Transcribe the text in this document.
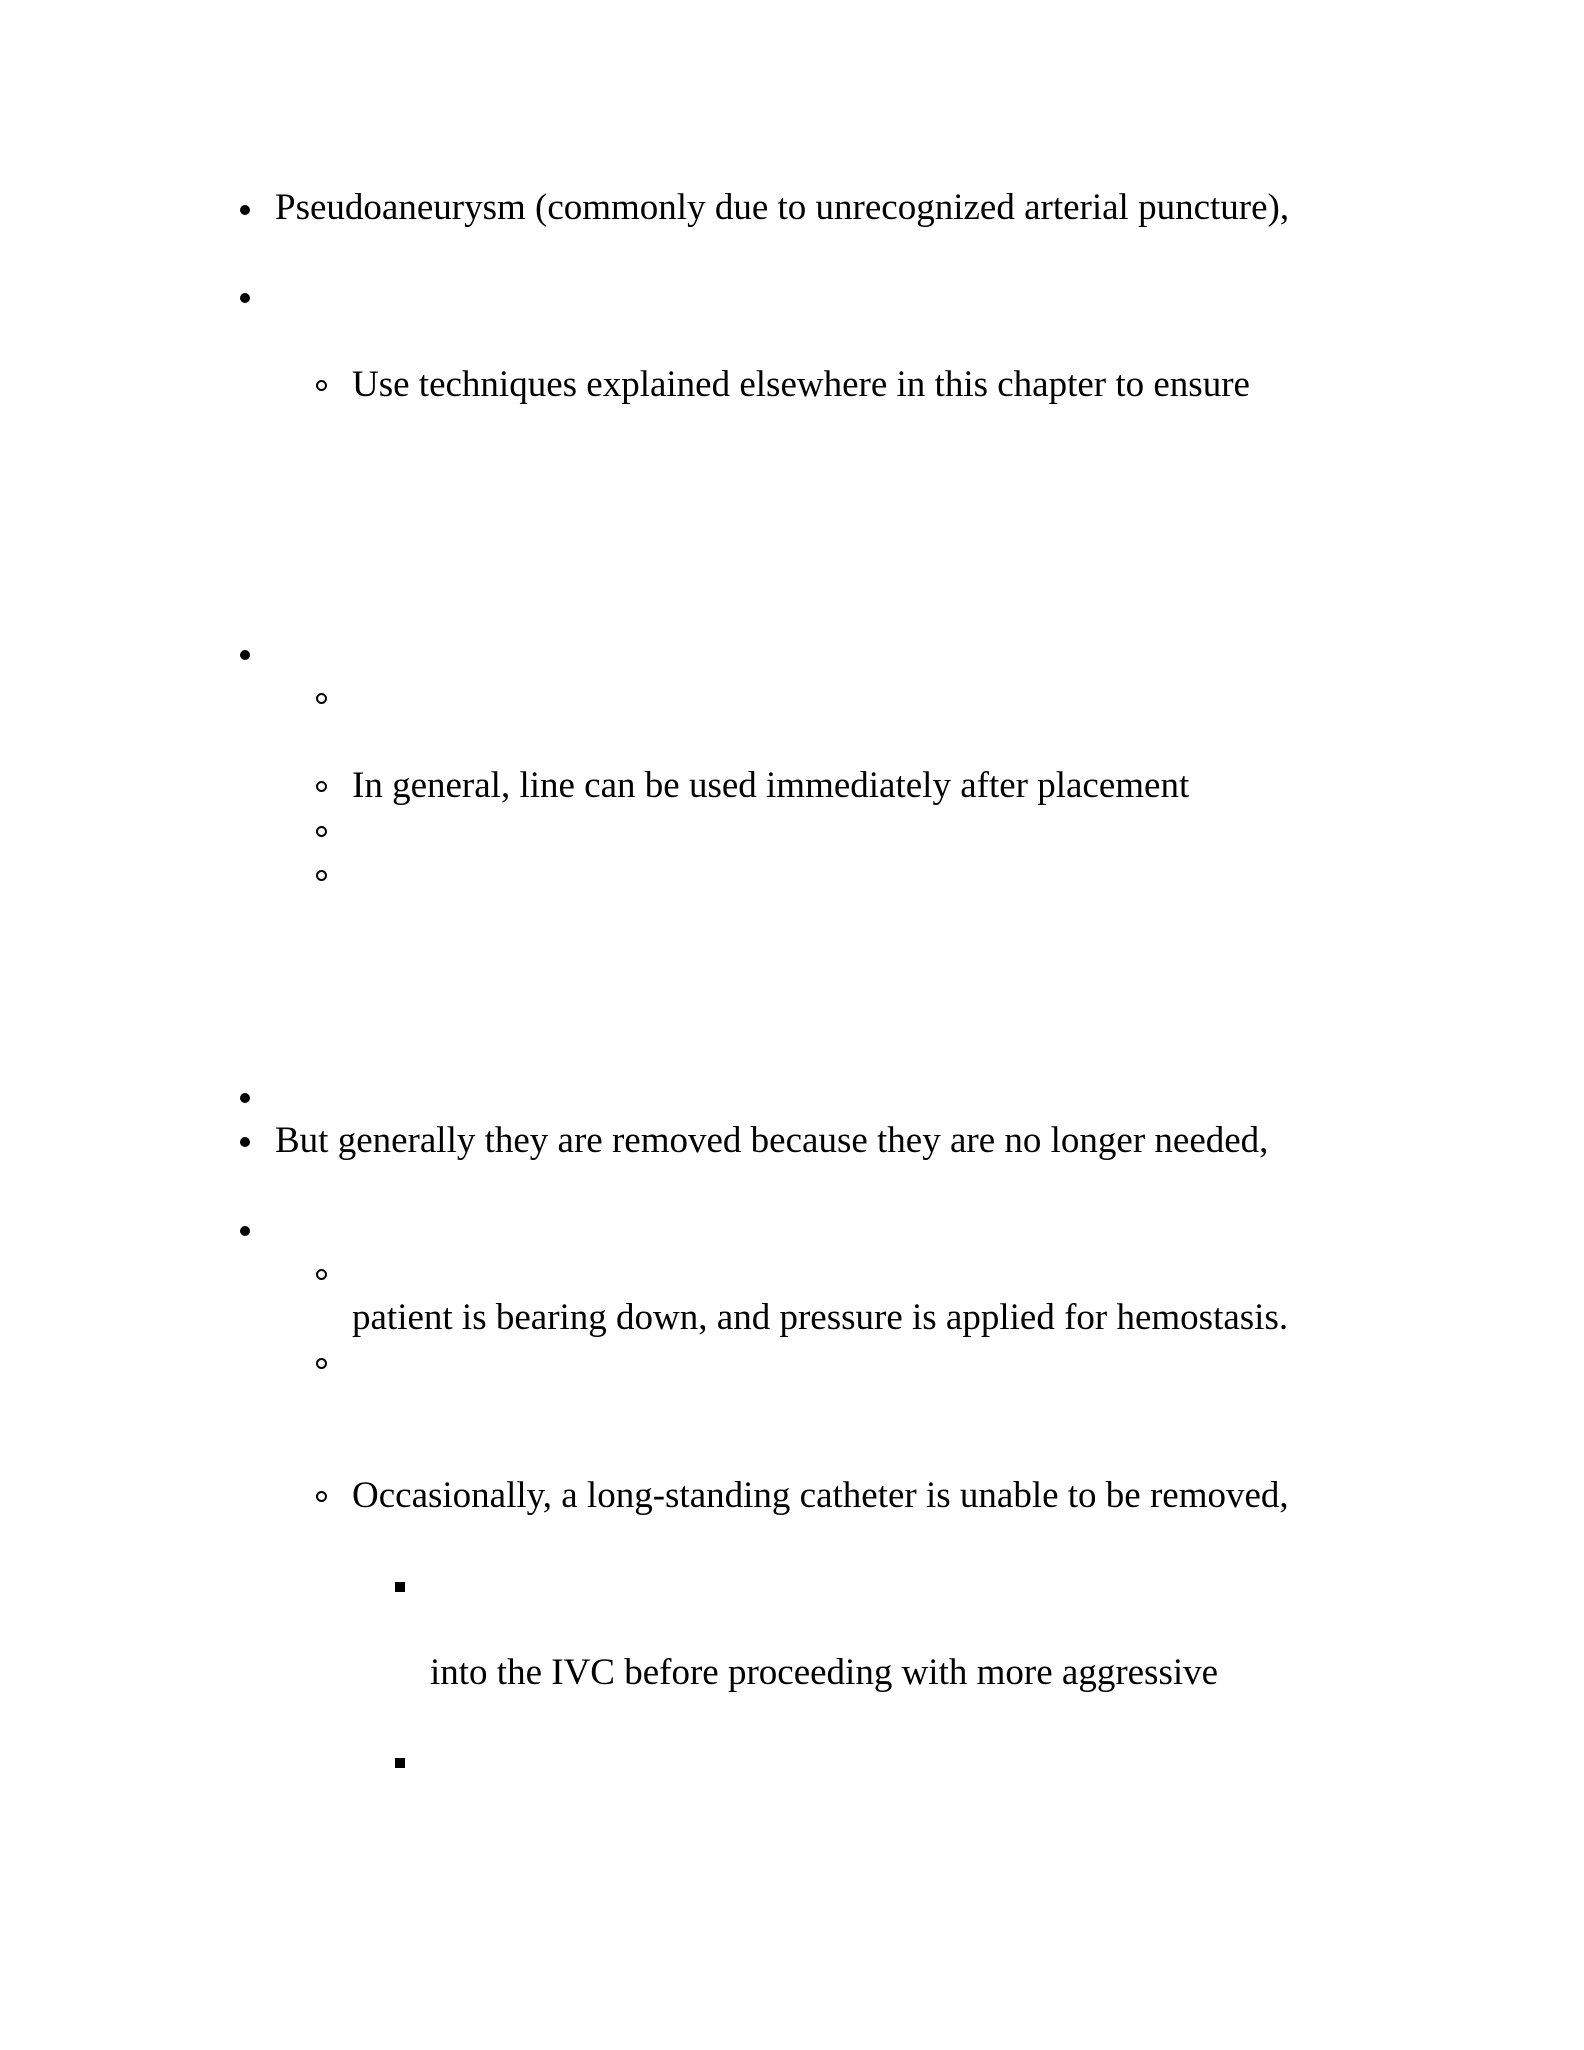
Pseudoaneurysm (commonly due to unrecognized arterial puncture),
Use techniques explained elsewhere in this chapter to ensure
In general, line can be used immediately after placement
But generally they are removed because they are no longer needed,
patient is bearing down, and pressure is applied for hemostasis.
Occasionally, a long-standing catheter is unable to be removed,
into the IVC before proceeding with more aggressive
